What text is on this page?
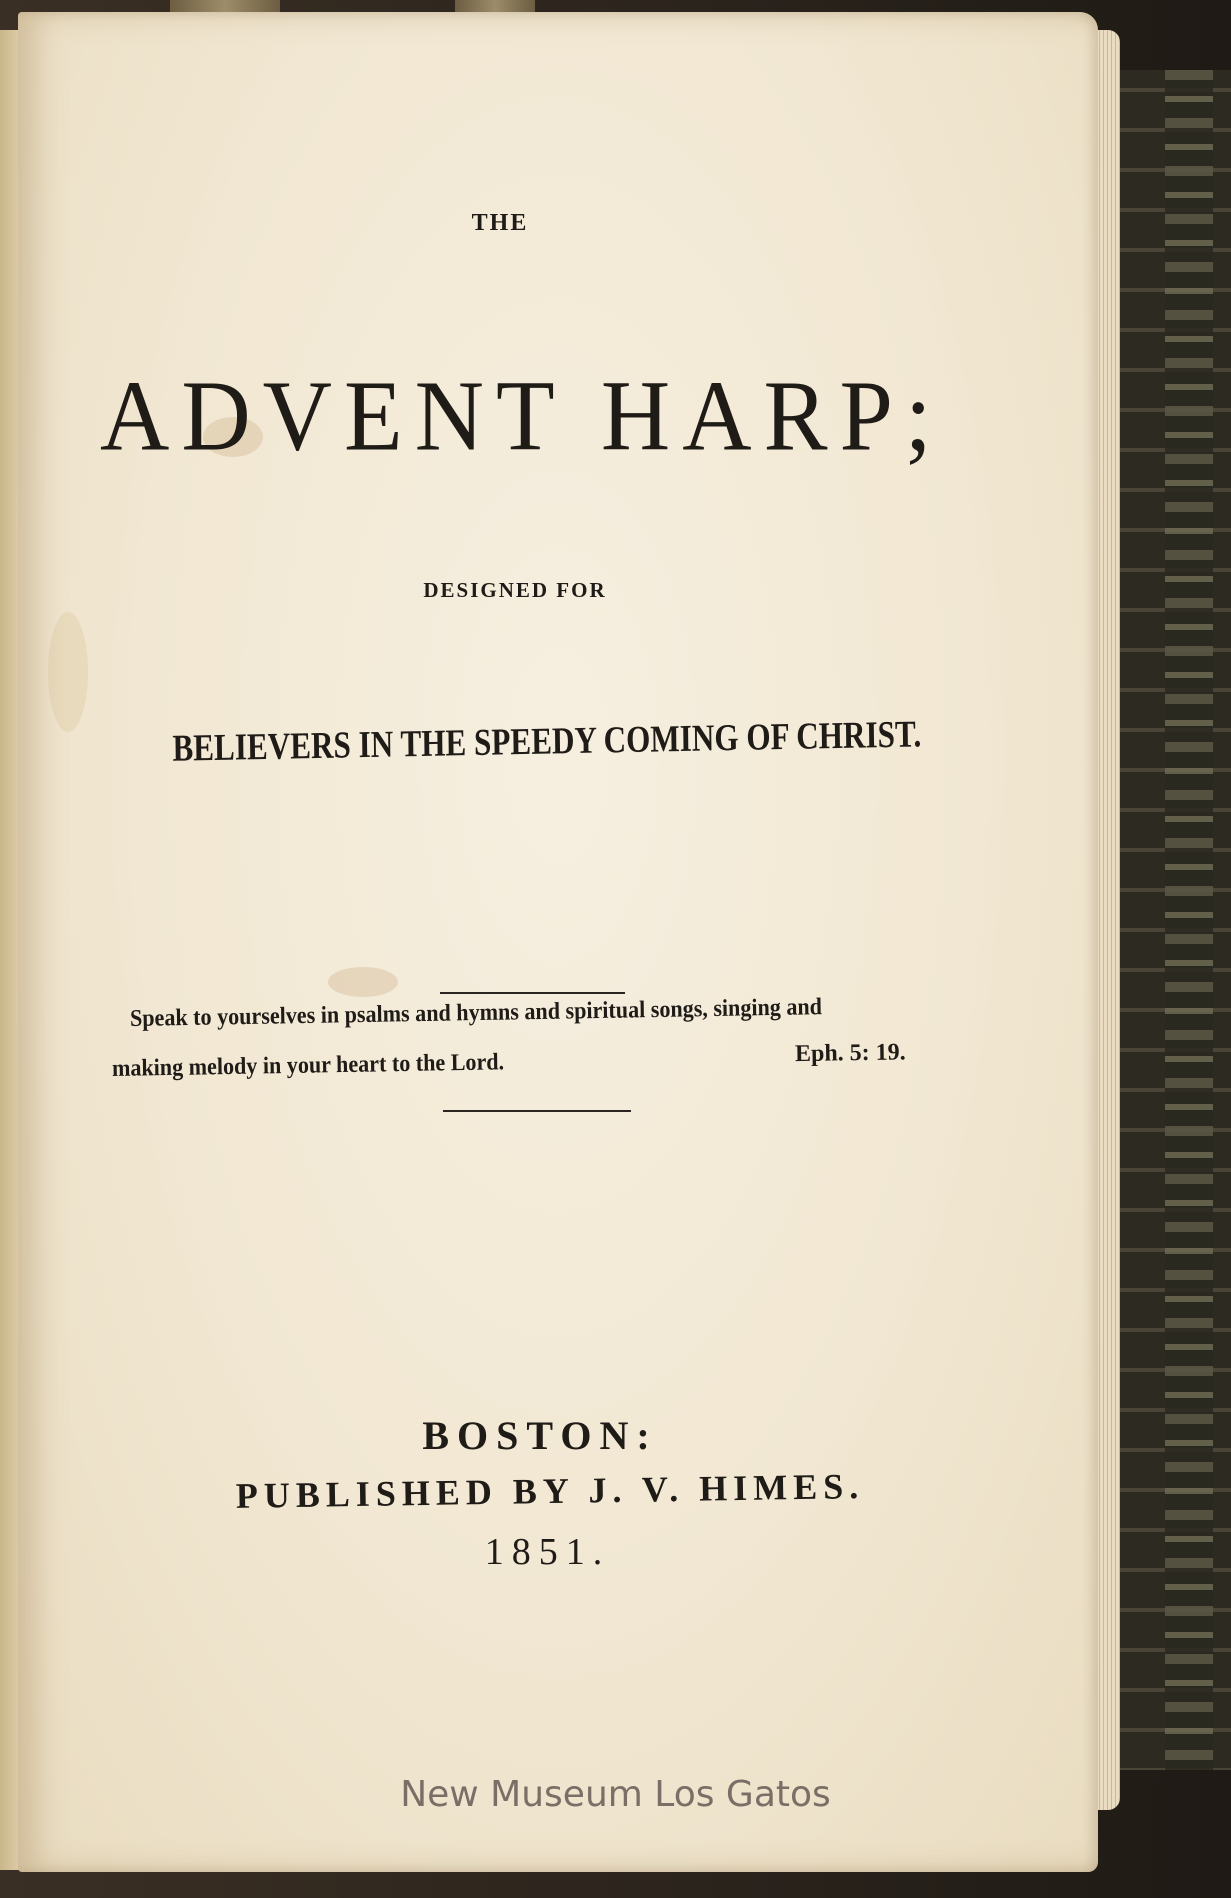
THE
ADVENT HARP;
DESIGNED FOR
BELIEVERS IN THE SPEEDY COMING OF CHRIST.
Speak to yourselves in psalms and hymns and spiritual songs, singing and
making melody in your heart to the Lord.	Eph. 5: 19.
BOSTON:
PUBLISHED BY J. V. HIMES.
1851.
New Museum Los Gatos
